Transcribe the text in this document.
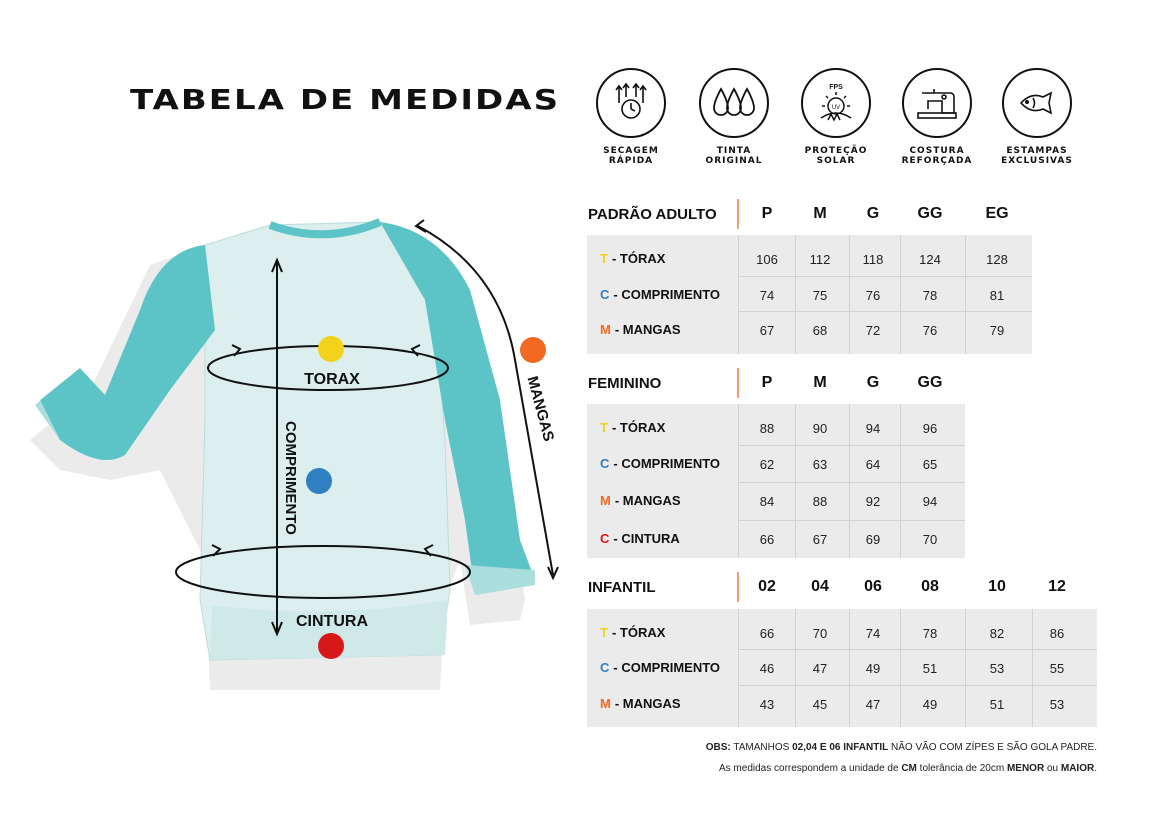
TABELA DE MEDIDAS
SECAGEM
RÁPIDA
TINTA
ORIGINAL
FPS
UV
PROTEÇÃO
SOLAR
COSTURA
REFORÇADA
ESTAMPAS
EXCLUSIVAS
TORAX
CINTURA
COMPRIMENTO
MANGAS
PADRÃO ADULTO	P	M	G	GG	EG
T - TÓRAX	106	112	118	124	128
C - COMPRIMENTO	74	75	76	78	81
M - MANGAS	67	68	72	76	79
FEMININO	P	M	G	GG
T - TÓRAX	88	90	94	96
C - COMPRIMENTO	62	63	64	65
M - MANGAS	84	88	92	94
C - CINTURA	66	67	69	70
INFANTIL	02	04	06	08	10	12
T - TÓRAX	66	70	74	78	82	86
C - COMPRIMENTO	46	47	49	51	53	55
M - MANGAS	43	45	47	49	51	53
OBS: TAMANHOS 02,04 E 06 INFANTIL NÃO VÃO COM ZÍPES E SÃO GOLA PADRE.
As medidas correspondem a unidade de CM tolerância de 20cm MENOR ou MAIOR.
